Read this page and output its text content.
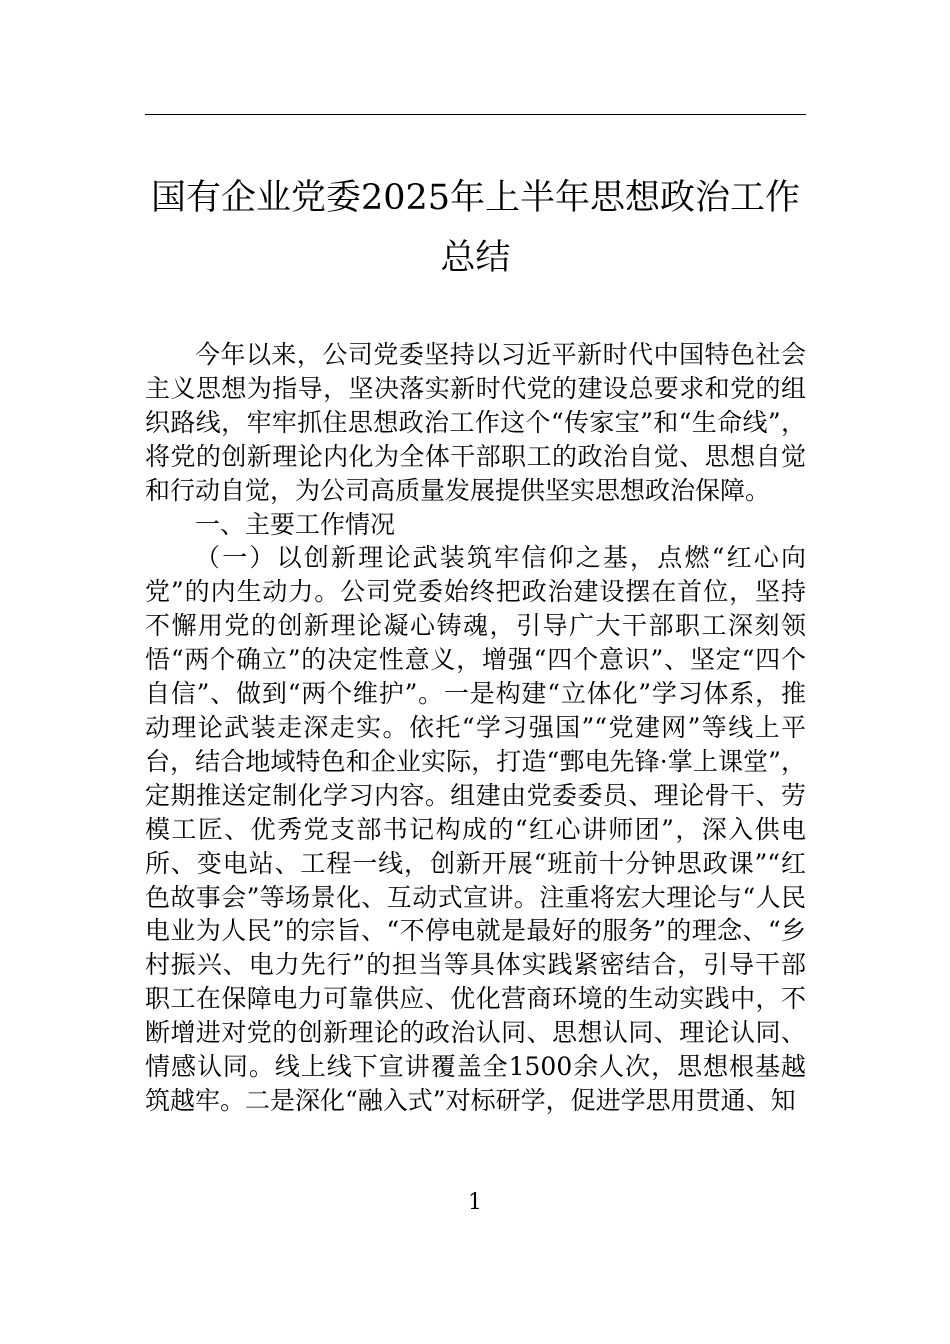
国有企业党委2025年上半年思想政治工作总结

今年以来，公司党委坚持以习近平新时代中国特色社会主义思想为指导，坚决落实新时代党的建设总要求和党的组织路线，牢牢抓住思想政治工作这个“传家宝”和“生命线”，将党的创新理论内化为全体干部职工的政治自觉、思想自觉和行动自觉，为公司高质量发展提供坚实思想政治保障。

一、主要工作情况

（一）以创新理论武装筑牢信仰之基，点燃“红心向党”的内生动力。公司党委始终把政治建设摆在首位，坚持不懈用党的创新理论凝心铸魂，引导广大干部职工深刻领悟“两个确立”的决定性意义，增强“四个意识”、坚定“四个自信”、做到“两个维护”。一是构建“立体化”学习体系，推动理论武装走深走实。依托“学习强国”“党建网”等线上平台，结合地域特色和企业实际，打造“鄄电先锋·掌上课堂”，定期推送定制化学习内容。组建由党委委员、理论骨干、劳模工匠、优秀党支部书记构成的“红心讲师团”，深入供电所、变电站、工程一线，创新开展“班前十分钟思政课”“红色故事会”等场景化、互动式宣讲。注重将宏大理论与“人民电业为人民”的宗旨、“不停电就是最好的服务”的理念、“乡村振兴、电力先行”的担当等具体实践紧密结合，引导干部职工在保障电力可靠供应、优化营商环境的生动实践中，不断增进对党的创新理论的政治认同、思想认同、理论认同、情感认同。线上线下宣讲覆盖全1500余人次，思想根基越筑越牢。二是深化“融入式”对标研学，促进学思用贯通、知

1
